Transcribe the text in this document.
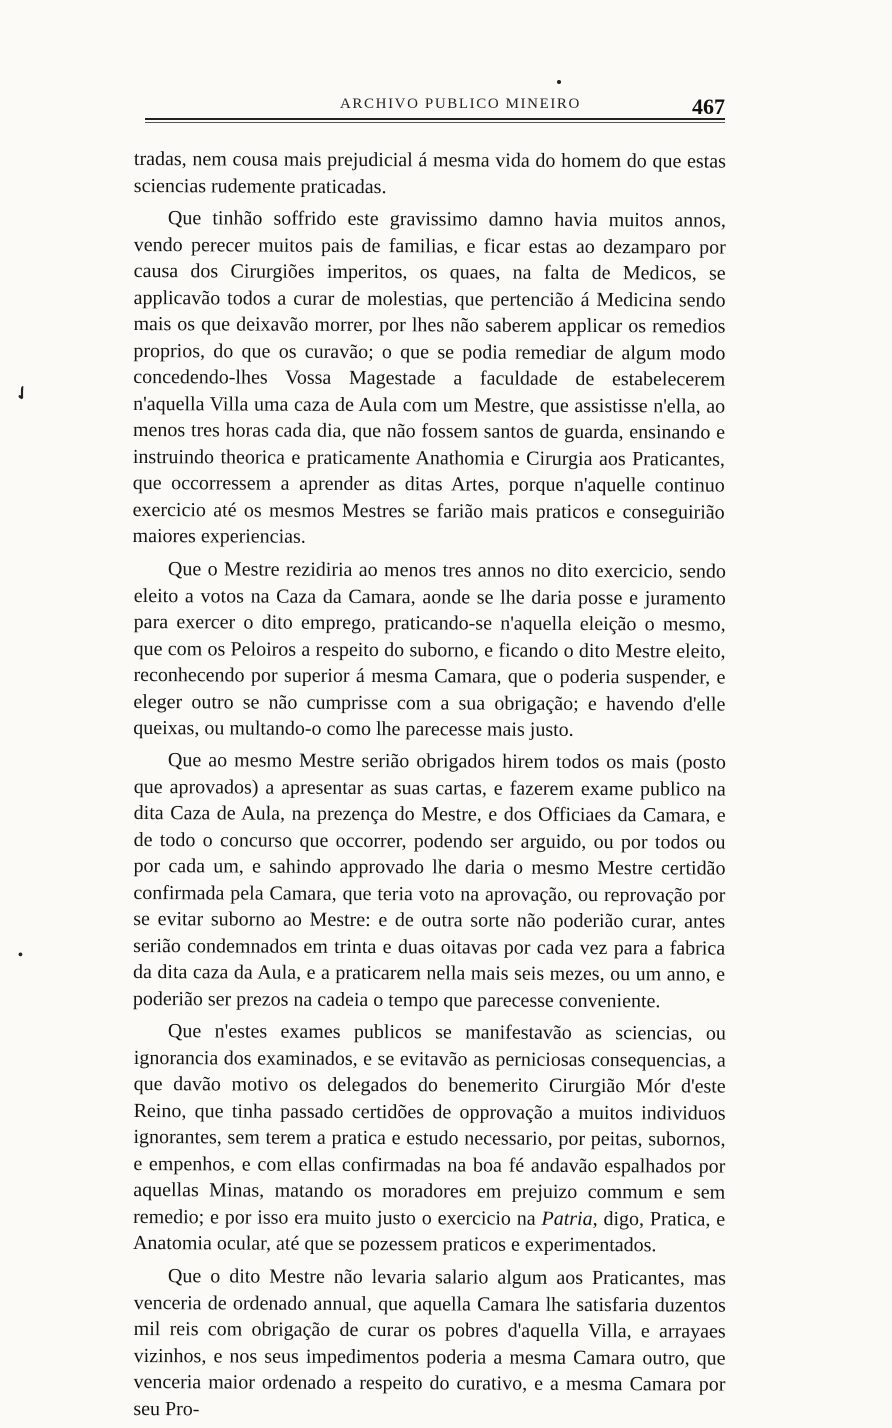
ARCHIVO PUBLICO MINEIRO	467
✓
•

tradas, nem cousa mais prejudicial á mesma vida do homem do que estas sciencias rudemente praticadas.

Que tinhão soffrido este gravissimo damno havia muitos annos, vendo perecer muitos pais de familias, e ficar estas ao dezamparo por causa dos Cirurgiões imperitos, os quaes, na falta de Medicos, se applicavão todos a curar de molestias, que pertencião á Medicina sendo mais os que deixavão morrer, por lhes não saberem applicar os remedios proprios, do que os curavão; o que se podia remediar de algum modo concedendo-lhes Vossa Magestade a faculdade de estabelecerem n'aquella Villa uma caza de Aula com um Mestre, que assistisse n'ella, ao menos tres horas cada dia, que não fossem santos de guarda, ensinando e instruindo theorica e praticamente Anathomia e Cirurgia aos Praticantes, que occorressem a aprender as ditas Artes, porque n'aquelle continuo exercicio até os mesmos Mestres se farião mais praticos e conseguirião maiores experiencias.

Que o Mestre rezidiria ao menos tres annos no dito exercicio, sendo eleito a votos na Caza da Camara, aonde se lhe daria posse e juramento para exercer o dito emprego, praticando-se n'aquella eleição o mesmo, que com os Peloiros a respeito do suborno, e ficando o dito Mestre eleito, reconhecendo por superior á mesma Camara, que o poderia suspender, e eleger outro se não cumprisse com a sua obrigação; e havendo d'elle queixas, ou multando-o como lhe parecesse mais justo.

Que ao mesmo Mestre serião obrigados hirem todos os mais (posto que aprovados) a apresentar as suas cartas, e fazerem exame publico na dita Caza de Aula, na prezença do Mestre, e dos Officiaes da Camara, e de todo o concurso que occorrer, podendo ser arguido, ou por todos ou por cada um, e sahindo approvado lhe daria o mesmo Mestre certidão confirmada pela Camara, que teria voto na aprovação, ou reprovação por se evitar suborno ao Mestre: e de outra sorte não poderião curar, antes serião condemnados em trinta e duas oitavas por cada vez para a fabrica da dita caza da Aula, e a praticarem nella mais seis mezes, ou um anno, e poderião ser prezos na cadeia o tempo que parecesse conveniente.

Que n'estes exames publicos se manifestavão as sciencias, ou ignorancia dos examinados, e se evitavão as perniciosas consequencias, a que davão motivo os delegados do benemerito Cirurgião Mór d'este Reino, que tinha passado certidões de opprovação a muitos individuos ignorantes, sem terem a pratica e estudo necessario, por peitas, subornos, e empenhos, e com ellas confirmadas na boa fé andavão espalhados por aquellas Minas, matando os moradores em prejuizo commum e sem remedio; e por isso era muito justo o exercicio na Patria, digo, Pratica, e Anatomia ocular, até que se pozessem praticos e experimentados.

Que o dito Mestre não levaria salario algum aos Praticantes, mas venceria de ordenado annual, que aquella Camara lhe satisfaria duzentos mil reis com obrigação de curar os pobres d'aquella Villa, e arrayaes vizinhos, e nos seus impedimentos poderia a mesma Camara outro, que venceria maior ordenado a respeito do curativo, e a mesma Camara por seu Pro-
